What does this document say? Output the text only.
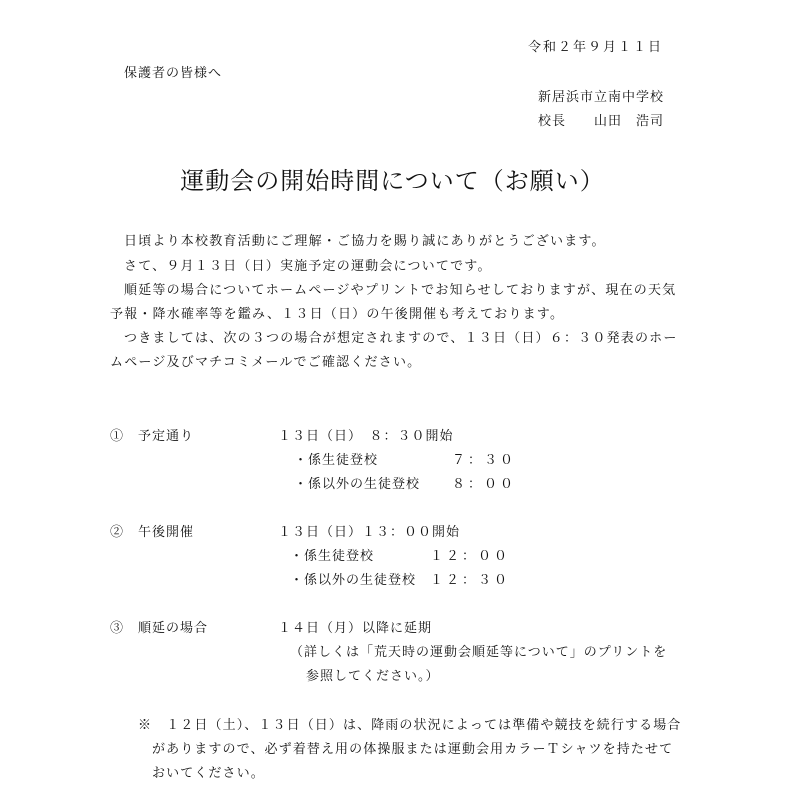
令和２年９月１１日
保護者の皆様へ
新居浜市立南中学校
校長　　山田　浩司
運動会の開始時間について（お願い）
日頃より本校教育活動にご理解・ご協力を賜り誠にありがとうございます。
さて、９月１３日（日）実施予定の運動会についてです。
順延等の場合についてホームページやプリントでお知らせしておりますが、現在の天気
予報・降水確率等を鑑み、１３日（日）の午後開催も考えております。
つきましては、次の３つの場合が想定されますので、１３日（日）６：３０発表のホー
ムページ及びマチコミメールでご確認ください。
①　予定通り	１３日（日）　８：３０開始
・係生徒登校	７：３０
・係以外の生徒登校 ８：００
②　午後開催	１３日（日）１３：００開始
・係生徒登校	１２：００
・係以外の生徒登校 １２：３０
③　順延の場合	１４日（月）以降に延期
（詳しくは「荒天時の運動会順延等について」のプリントを
参照してください。）
※　１２日（土）、１３日（日）は、降雨の状況によっては準備や競技を続行する場合
がありますので、必ず着替え用の体操服または運動会用カラーＴシャツを持たせて
おいてください。
